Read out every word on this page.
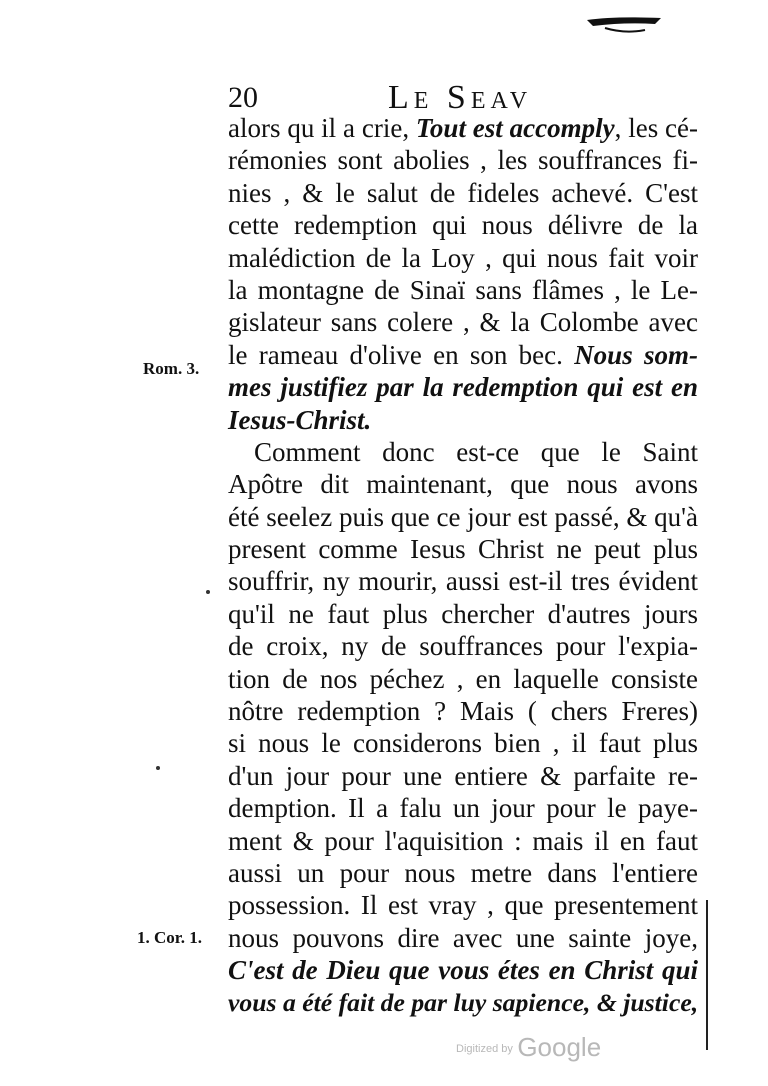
20	Le Seav
alors qu il a crie, Tout est accomply, les cé-
rémonies sont abolies , les souffrances fi-
nies , & le salut de fideles achevé. C'est
cette redemption qui nous délivre de la
malédiction de la Loy , qui nous fait voir
la montagne de Sinaï sans flâmes , le Le-
gislateur sans colere , & la Colombe avec
le rameau d'olive en son bec. Nous som-
mes justifiez par la redemption qui est en
Iesus-Christ.
Comment donc est-ce que le Saint
Apôtre dit maintenant, que nous avons
été seelez puis que ce jour est passé, & qu'à
present comme Iesus Christ ne peut plus
souffrir, ny mourir, aussi est-il tres évident
qu'il ne faut plus chercher d'autres jours
de croix, ny de souffrances pour l'expia-
tion de nos péchez , en laquelle consiste
nôtre redemption ? Mais ( chers Freres)
si nous le considerons bien , il faut plus
d'un jour pour une entiere & parfaite re-
demption. Il a falu un jour pour le paye-
ment & pour l'aquisition : mais il en faut
aussi un pour nous metre dans l'entiere
possession. Il est vray , que presentement
nous pouvons dire avec une sainte joye,
C'est de Dieu que vous étes en Christ qui
vous a été fait de par luy sapience, & justice,
Rom. 3.
1. Cor. 1.
$^{Digitized by}$ Google
